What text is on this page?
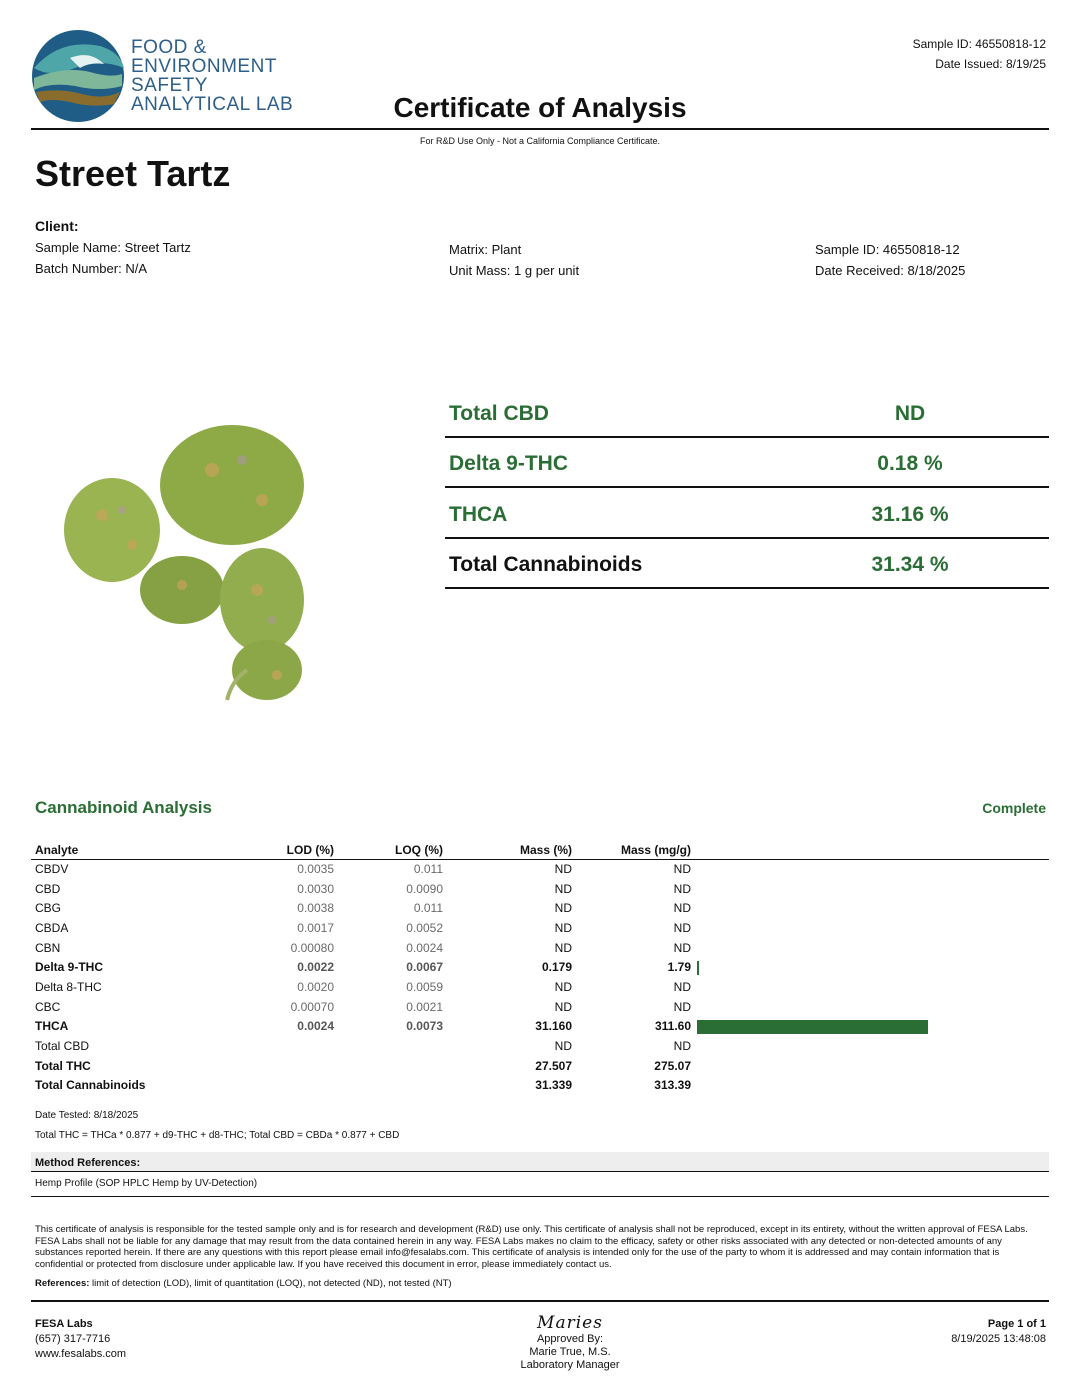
FOOD &
ENVIRONMENT
SAFETY
ANALYTICAL LAB
Sample ID: 46550818-12
Date Issued: 8/19/25
Certificate of Analysis
For R&D Use Only - Not a California Compliance Certificate.
Street Tartz
Client:
Sample Name: Street Tartz
Batch Number: N/A
Matrix: Plant
Unit Mass: 1 g per unit
Sample ID: 46550818-12
Date Received: 8/18/2025
Total CBD	ND
Delta 9-THC	0.18 %
THCA	31.16 %
Total Cannabinoids	31.34 %
Cannabinoid Analysis	Complete
Analyte	LOD (%)	LOQ (%)	Mass (%)	Mass (mg/g)	
CBDV	0.0035	0.011	ND	ND	
CBD	0.0030	0.0090	ND	ND	
CBG	0.0038	0.011	ND	ND	
CBDA	0.0017	0.0052	ND	ND	
CBN	0.00080	0.0024	ND	ND	
Delta 9-THC	0.0022	0.0067	0.179	1.79	
Delta 8-THC	0.0020	0.0059	ND	ND	
CBC	0.00070	0.0021	ND	ND	
THCA	0.0024	0.0073	31.160	311.60	
Total CBD			ND	ND	
Total THC			27.507	275.07	
Total Cannabinoids			31.339	313.39	
Date Tested: 8/18/2025
Total THC = THCa * 0.877 + d9-THC + d8-THC; Total CBD = CBDa * 0.877 + CBD
Method References:
Hemp Profile (SOP HPLC Hemp by UV-Detection)
This certificate of analysis is responsible for the tested sample only and is for research and development (R&D) use only. This certificate of analysis shall not be reproduced, except in its entirety, without the written approval of FESA Labs. FESA Labs shall not be liable for any damage that may result from the data contained herein in any way. FESA Labs makes no claim to the efficacy, safety or other risks associated with any detected or non-detected amounts of any substances reported herein. If there are any questions with this report please email info@fesalabs.com. This certificate of analysis is intended only for the use of the party to whom it is addressed and may contain information that is confidential or protected from disclosure under applicable law. If you have received this document in error, please immediately contact us.
References: limit of detection (LOD), limit of quantitation (LOQ), not detected (ND), not tested (NT)
FESA Labs
(657) 317-7716
www.fesalabs.com
Maries
Approved By:
Marie True, M.S.
Laboratory Manager
Page 1 of 1
8/19/2025 13:48:08
